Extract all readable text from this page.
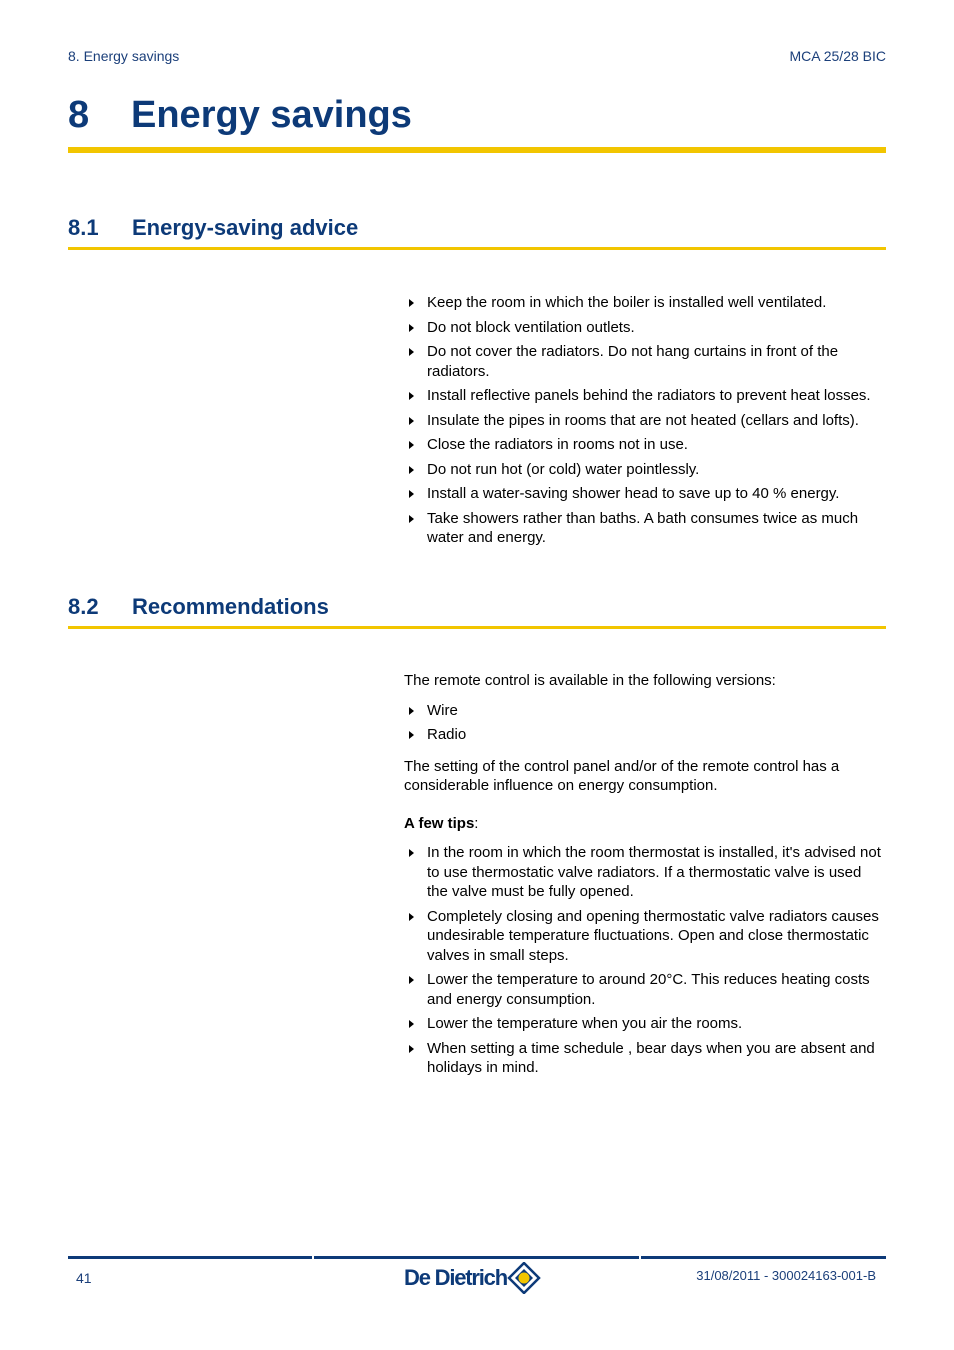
8. Energy savings	MCA 25/28 BIC
8 Energy savings
8.1 Energy-saving advice
Keep the room in which the boiler is installed well ventilated.
Do not block ventilation outlets.
Do not cover the radiators. Do not hang curtains in front of the radiators.
Install reflective panels behind the radiators to prevent heat losses.
Insulate the pipes in rooms that are not heated (cellars and lofts).
Close the radiators in rooms not in use.
Do not run hot (or cold) water pointlessly.
Install a water-saving shower head to save up to 40 % energy.
Take showers rather than baths. A bath consumes twice as much water and energy.
8.2 Recommendations

The remote control is available in the following versions:

Wire
Radio

The setting of the control panel and/or of the remote control has a considerable influence on energy consumption.

A few tips:

In the room in which the room thermostat is installed, it's advised not to use thermostatic valve radiators. If a thermostatic valve is used the valve must be fully opened.
Completely closing and opening thermostatic valve radiators causes undesirable temperature fluctuations. Open and close thermostatic valves in small steps.
Lower the temperature to around 20°C. This reduces heating costs and energy consumption.
Lower the temperature when you air the rooms.
When setting a time schedule , bear days when you are absent and holidays in mind.
41	De Dietrich	31/08/2011 - 300024163-001-B
